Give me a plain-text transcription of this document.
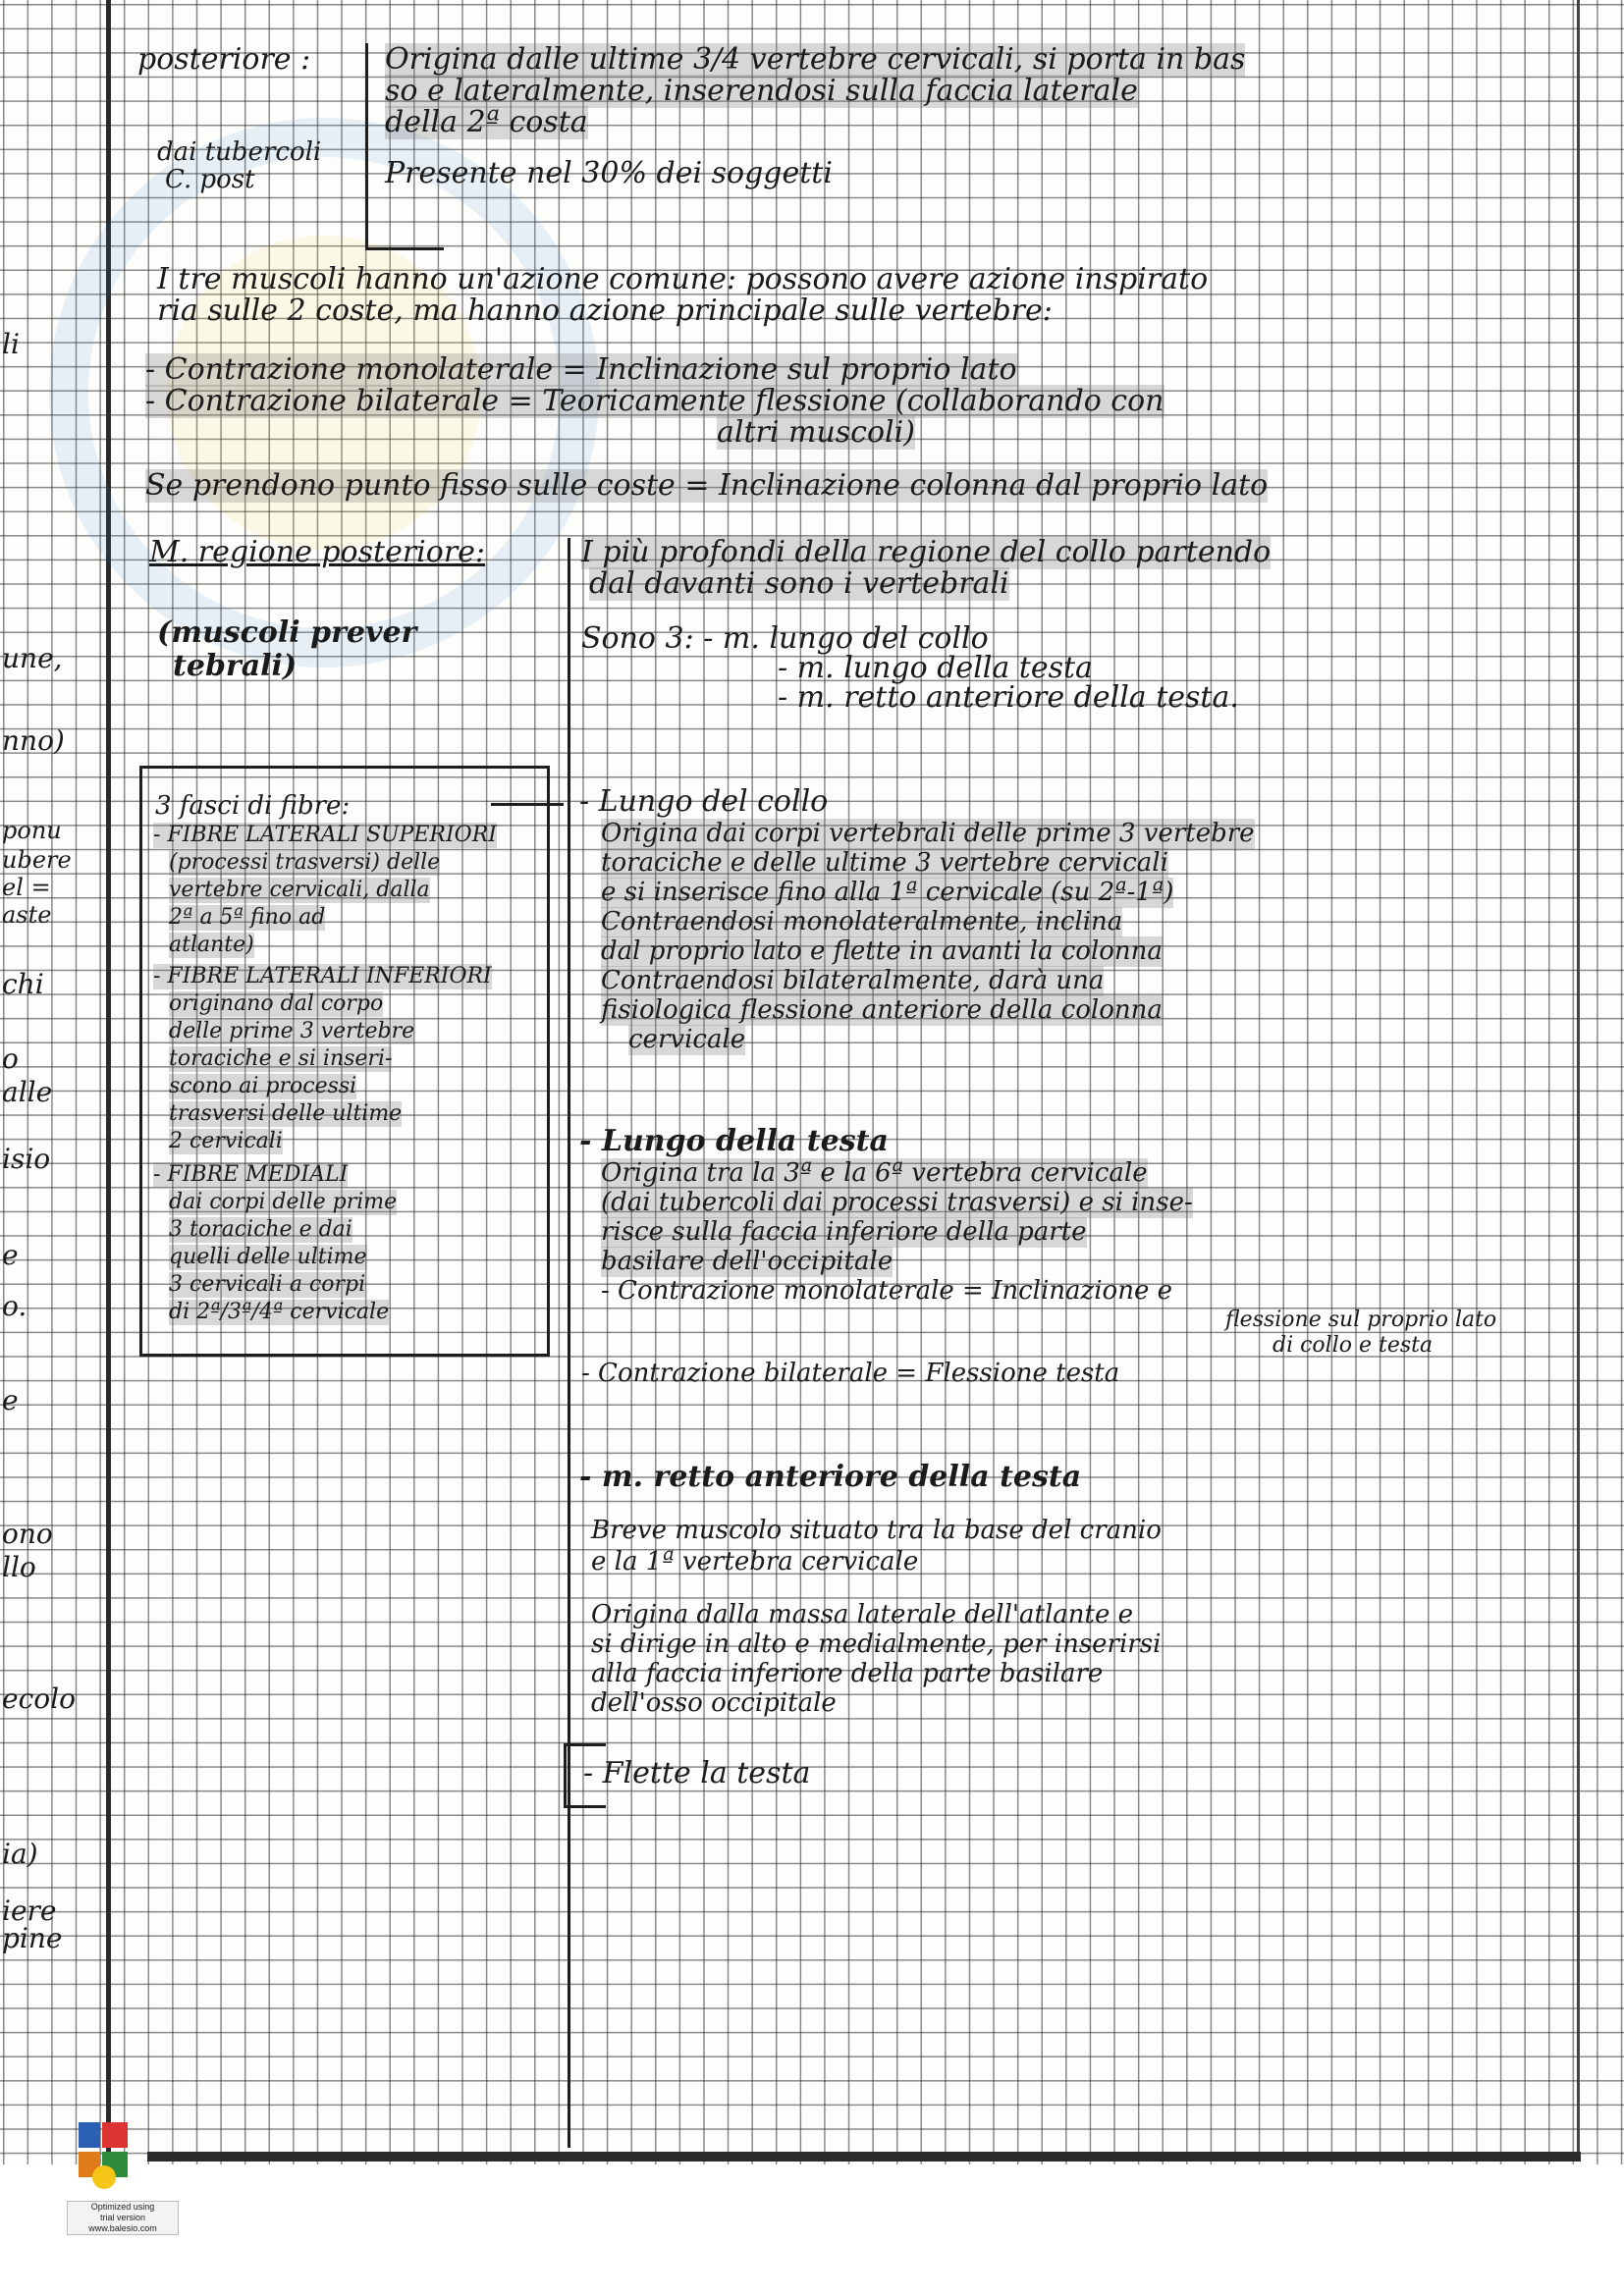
posteriore :	Origina dalle ultime 3/4 vertebre cervicali, si porta in bas
so e lateralmente, inserendosi sulla faccia laterale
della 2ª costa
dai tubercoli
C. post	Presente nel 30% dei soggetti
I tre muscoli hanno un'azione comune: possono avere azione inspirato
ria sulle 2 coste, ma hanno azione principale sulle vertebre:
- Contrazione monolaterale = Inclinazione sul proprio lato
- Contrazione bilaterale = Teoricamente flessione (collaborando con
altri muscoli)
Se prendono punto fisso sulle coste = Inclinazione colonna dal proprio lato
M. regione posteriore:	I più profondi della regione del collo partendo
dal davanti sono i vertebrali
(muscoli prever
tebrali)
Sono 3: - m. lungo del collo
- m. lungo della testa
- m. retto anteriore della testa.
3 fasci di fibre:
- FIBRE LATERALI SUPERIORI
(processi trasversi) delle
vertebre cervicali, dalla
2ª a 5ª fino ad
atlante)
- FIBRE LATERALI INFERIORI
originano dal corpo
delle prime 3 vertebre
toraciche e si inseri-
scono ai processi
trasversi delle ultime
2 cervicali
- FIBRE MEDIALI
dai corpi delle prime
3 toraciche e dai
quelli delle ultime
3 cervicali a corpi
di 2ª/3ª/4ª cervicale
- Lungo del collo
Origina dai corpi vertebrali delle prime 3 vertebre
toraciche e delle ultime 3 vertebre cervicali
e si inserisce fino alla 1ª cervicale (su 2ª-1ª)
Contraendosi monolateralmente, inclina
dal proprio lato e flette in avanti la colonna
Contraendosi bilateralmente, darà una
fisiologica flessione anteriore della colonna
cervicale
- Lungo della testa
Origina tra la 3ª e la 6ª vertebra cervicale
(dai tubercoli dai processi trasversi) e si inse-
risce sulla faccia inferiore della parte
basilare dell'occipitale
- Contrazione monolaterale = Inclinazione e
flessione sul proprio lato
di collo e testa
- Contrazione bilaterale = Flessione testa
- m. retto anteriore della testa
Breve muscolo situato tra la base del cranio
e la 1ª vertebra cervicale
Origina dalla massa laterale dell'atlante e
si dirige in alto e medialmente, per inserirsi
alla faccia inferiore della parte basilare
dell'osso occipitale
- Flette la testa
li
une,
nno)
ponu
ubere
el =
aste
chi
o
alle
isio
e
o.
e
ono
llo
ecolo
ia)
iere
pine
Optimized using
trial version
www.balesio.com
